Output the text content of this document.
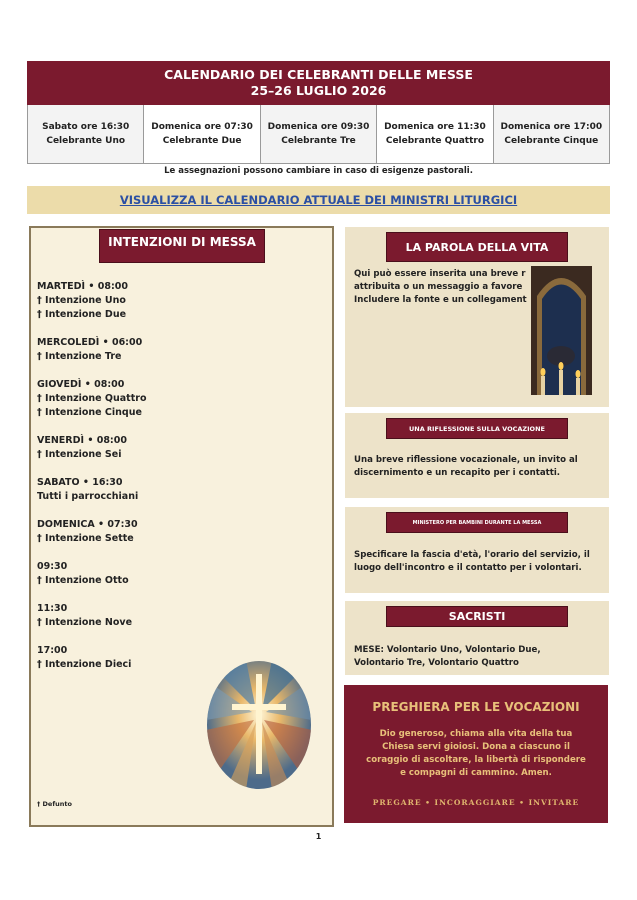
CALENDARIO DEI CELEBRANTI DELLE MESSE
25–26 LUGLIO 2026
Sabato ore 16:30
Celebrante Uno
Domenica ore 07:30
Celebrante Due
Domenica ore 09:30
Celebrante Tre
Domenica ore 11:30
Celebrante Quattro
Domenica ore 17:00
Celebrante Cinque
Le assegnazioni possono cambiare in caso di esigenze pastorali.
VISUALIZZA IL CALENDARIO ATTUALE DEI MINISTRI LITURGICI
INTENZIONI DI MESSA
MARTEDÌ • 08:00
† Intenzione Uno
† Intenzione Due
MERCOLEDÌ • 06:00
† Intenzione Tre
GIOVEDÌ • 08:00
† Intenzione Quattro
† Intenzione Cinque
VENERDÌ • 08:00
† Intenzione Sei
SABATO • 16:30
Tutti i parrocchiani
DOMENICA • 07:30
† Intenzione Sette
09:30
† Intenzione Otto
11:30
† Intenzione Nove
17:00
† Intenzione Dieci
† Defunto
LA PAROLA DELLA VITA
Qui può essere inserita una breve r
attribuita o un messaggio a favore
Includere la fonte e un collegament
UNA RIFLESSIONE SULLA VOCAZIONE
Una breve riflessione vocazionale, un invito al
discernimento e un recapito per i contatti.
MINISTERO PER BAMBINI DURANTE LA MESSA
Specificare la fascia d'età, l'orario del servizio, il
luogo dell'incontro e il contatto per i volontari.
SACRISTI
MESE: Volontario Uno, Volontario Due,
Volontario Tre, Volontario Quattro
PREGHIERA PER LE VOCAZIONI
Dio generoso, chiama alla vita della tua
Chiesa servi gioiosi. Dona a ciascuno il
coraggio di ascoltare, la libertà di rispondere
e compagni di cammino. Amen.
PREGARE • INCORAGGIARE • INVITARE
1
